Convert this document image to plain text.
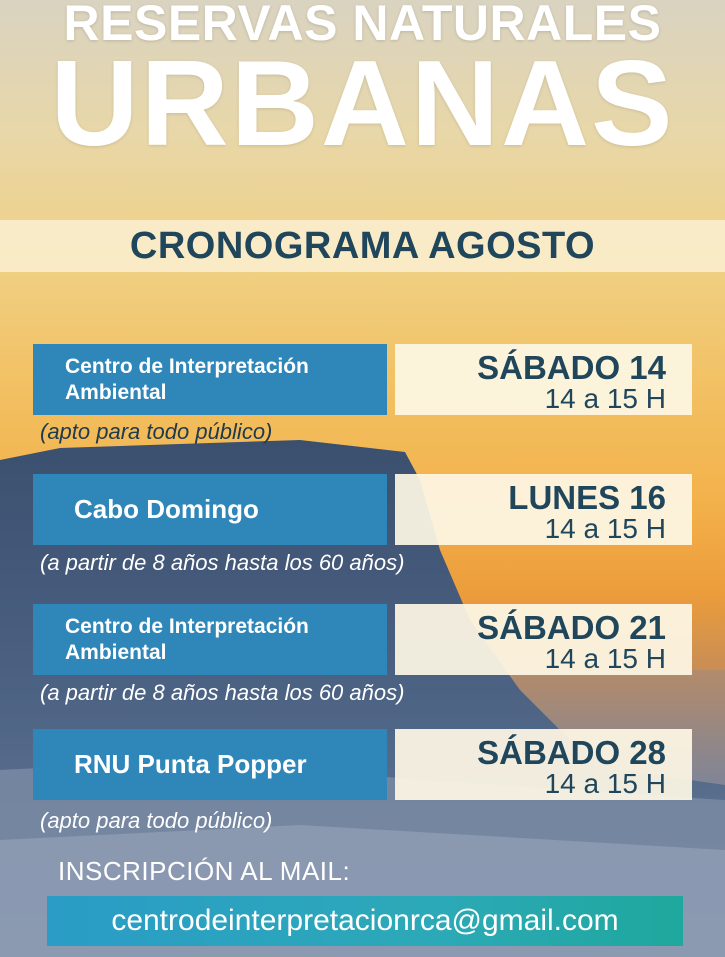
RESERVAS NATURALES
URBANAS
CRONOGRAMA AGOSTO
Centro de Interpretación
Ambiental
SÁBADO 14
14 a 15 H
(apto para todo público)
Cabo Domingo	LUNES 16
14 a 15 H
(a partir de 8 años hasta los 60 años)
Centro de Interpretación
Ambiental
SÁBADO 21
14 a 15 H
(a partir de 8 años hasta los 60 años)
RNU Punta Popper	SÁBADO 28
14 a 15 H
(apto para todo público)
INSCRIPCIÓN AL MAIL:
centrodeinterpretacionrca@gmail.com
